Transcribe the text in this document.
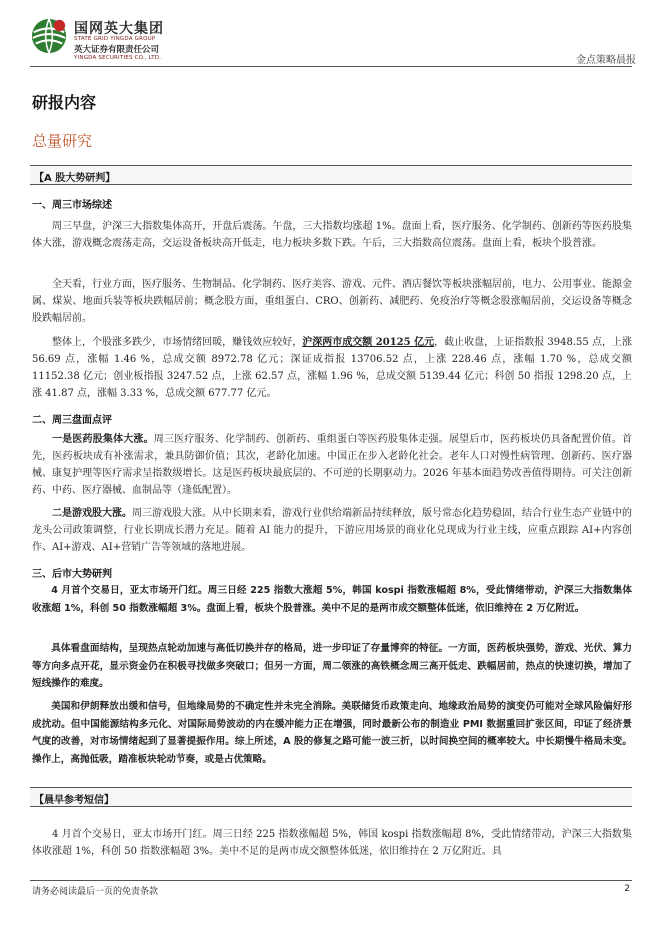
国网英大集团
STATE GRID YINGDA GROUP
英大证券有限责任公司
YINGDA SECURITIES CO., LTD.	金点策略晨报
研报内容
总量研究
【A 股大势研判】
一、周三市场综述

周三早盘，沪深三大指数集体高开，开盘后震荡。午盘，三大指数均涨超 1%。盘面上看，医疗服务、化学制药、创新药等医药股集体大涨，游戏概念震荡走高，交运设备板块高开低走，电力板块多数下跌。午后，三大指数高位震荡。盘面上看，板块个股普涨。

全天看，行业方面，医疗服务、生物制品、化学制药、医疗美容、游戏、元件、酒店餐饮等板块涨幅居前，电力、公用事业、能源金属、煤炭、地面兵装等板块跌幅居前；概念股方面，重组蛋白、CRO、创新药、减肥药、免疫治疗等概念股涨幅居前，交运设备等概念股跌幅居前。

整体上，个股涨多跌少，市场情绪回暖，赚钱效应较好，沪深两市成交额 20125 亿元，截止收盘，上证指数报 3948.55 点，上涨 56.69 点，涨幅 1.46 %，总成交额 8972.78 亿元；深证成指报 13706.52 点，上涨 228.46 点，涨幅 1.70 %，总成交额 11152.38 亿元；创业板指报 3247.52 点，上涨 62.57 点，涨幅 1.96 %，总成交额 5139.44 亿元；科创 50 指报 1298.20 点，上涨 41.87 点，涨幅 3.33 %，总成交额 677.77 亿元。

二、周三盘面点评

一是医药股集体大涨。周三医疗服务、化学制药、创新药、重组蛋白等医药股集体走强。展望后市，医药板块仍具备配置价值。首先，医药板块成有补涨需求，兼具防御价值；其次，老龄化加速。中国正在步入老龄化社会。老年人口对慢性病管理、创新药、医疗器械、康复护理等医疗需求呈指数级增长。这是医药板块最底层的、不可逆的长期驱动力。2026 年基本面趋势改善值得期待。可关注创新药、中药、医疗器械、血制品等（逢低配置）。

二是游戏股大涨。周三游戏股大涨。从中长期来看，游戏行业供给端新品持续释放，版号常态化趋势稳固，结合行业生态产业链中的龙头公司政策调整，行业长期成长潜力充足。随着 AI 能力的提升，下游应用场景的商业化兑现成为行业主线，应重点跟踪 AI+内容创作、AI+游戏、AI+营销广告等领域的落地进展。

三、后市大势研判

4 月首个交易日，亚太市场开门红。周三日经 225 指数大涨超 5%，韩国 kospi 指数涨幅超 8%，受此情绪带动，沪深三大指数集体收涨超 1%，科创 50 指数涨幅超 3%。盘面上看，板块个股普涨。美中不足的是两市成交额整体低迷，依旧维持在 2 万亿附近。

具体看盘面结构，呈现热点轮动加速与高低切换并存的格局，进一步印证了存量博弈的特征。一方面，医药板块强势，游戏、光伏、算力等方向多点开花，显示资金仍在积极寻找做多突破口；但另一方面，周二领涨的高铁概念周三高开低走、跌幅居前，热点的快速切换，增加了短线操作的难度。

美国和伊朗释放出缓和信号，但地缘局势的不确定性并未完全消除。美联储货币政策走向、地缘政治局势的演变仍可能对全球风险偏好形成扰动。但中国能源结构多元化、对国际局势波动的内在缓冲能力正在增强，同时最新公布的制造业 PMI 数据重回扩张区间，印证了经济景气度的改善，对市场情绪起到了显著提振作用。综上所述，A 股的修复之路可能一波三折，以时间换空间的概率较大。中长期慢牛格局未变。操作上，高抛低吸，踏准板块轮动节奏，或是占优策略。

【晨早参考短信】

4 月首个交易日，亚太市场开门红。周三日经 225 指数涨幅超 5%，韩国 kospi 指数涨幅超 8%，受此情绪带动，沪深三大指数集体收涨超 1%，科创 50 指数涨幅超 3%。美中不足的是两市成交额整体低迷，依旧维持在 2 万亿附近。具

请务必阅读最后一页的免责条款	2
